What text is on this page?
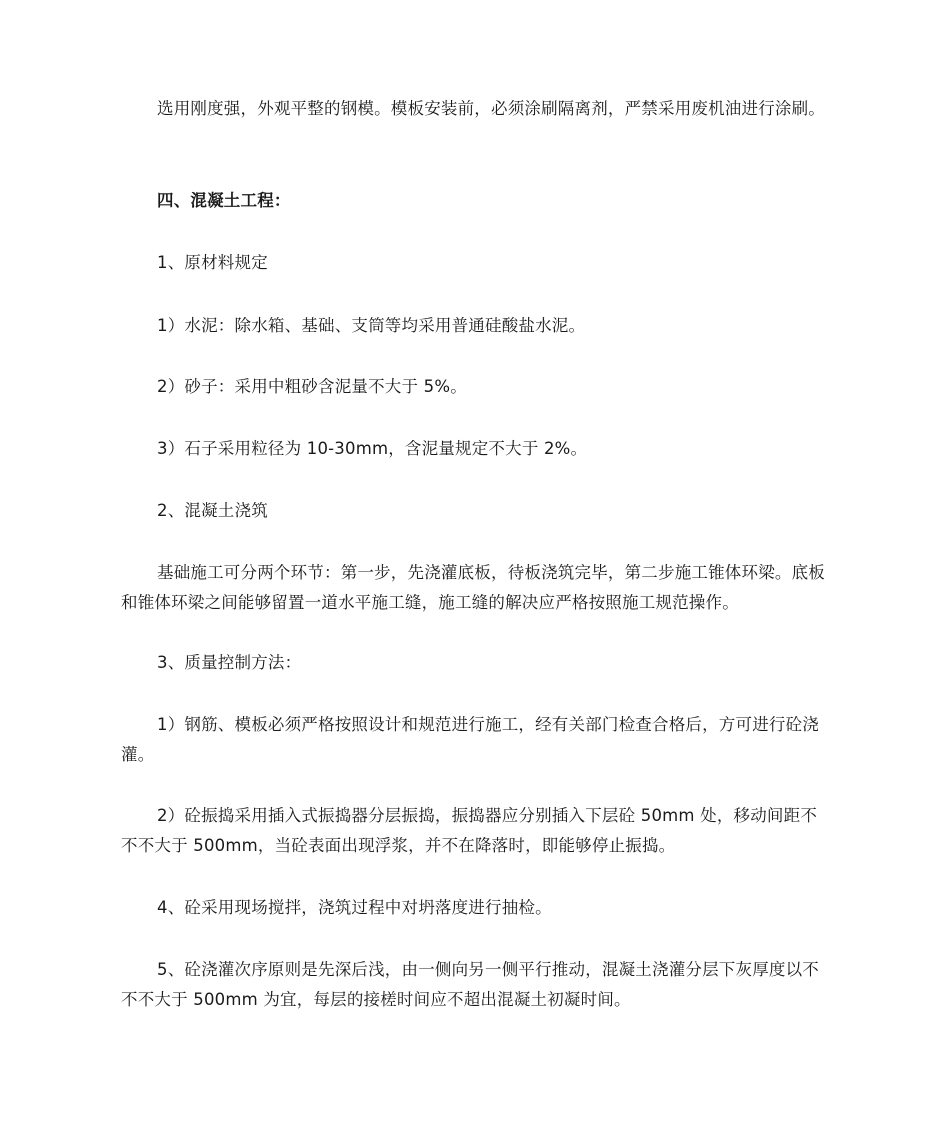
选用刚度强，外观平整的钢模。模板安装前，必须涂刷隔离剂，严禁采用废机油进行涂刷。

四、混凝土工程：

1、原材料规定

1）水泥：除水箱、基础、支筒等均采用普通硅酸盐水泥。

2）砂子：采用中粗砂含泥量不大于 5%。

3）石子采用粒径为 10-30mm，含泥量规定不大于 2%。

2、混凝土浇筑

基础施工可分两个环节：第一步，先浇灌底板，待板浇筑完毕，第二步施工锥体环梁。底板和锥体环梁之间能够留置一道水平施工缝，施工缝的解决应严格按照施工规范操作。

3、质量控制方法：

1）钢筋、模板必须严格按照设计和规范进行施工，经有关部门检查合格后，方可进行砼浇灌。

2）砼振捣采用插入式振捣器分层振捣，振捣器应分别插入下层砼 50mm 处，移动间距不不不大于 500mm，当砼表面出现浮浆，并不在降落时，即能够停止振捣。

4、砼采用现场搅拌，浇筑过程中对坍落度进行抽检。

5、砼浇灌次序原则是先深后浅，由一侧向另一侧平行推动，混凝土浇灌分层下灰厚度以不不不大于 500mm 为宜，每层的接槎时间应不超出混凝土初凝时间。
